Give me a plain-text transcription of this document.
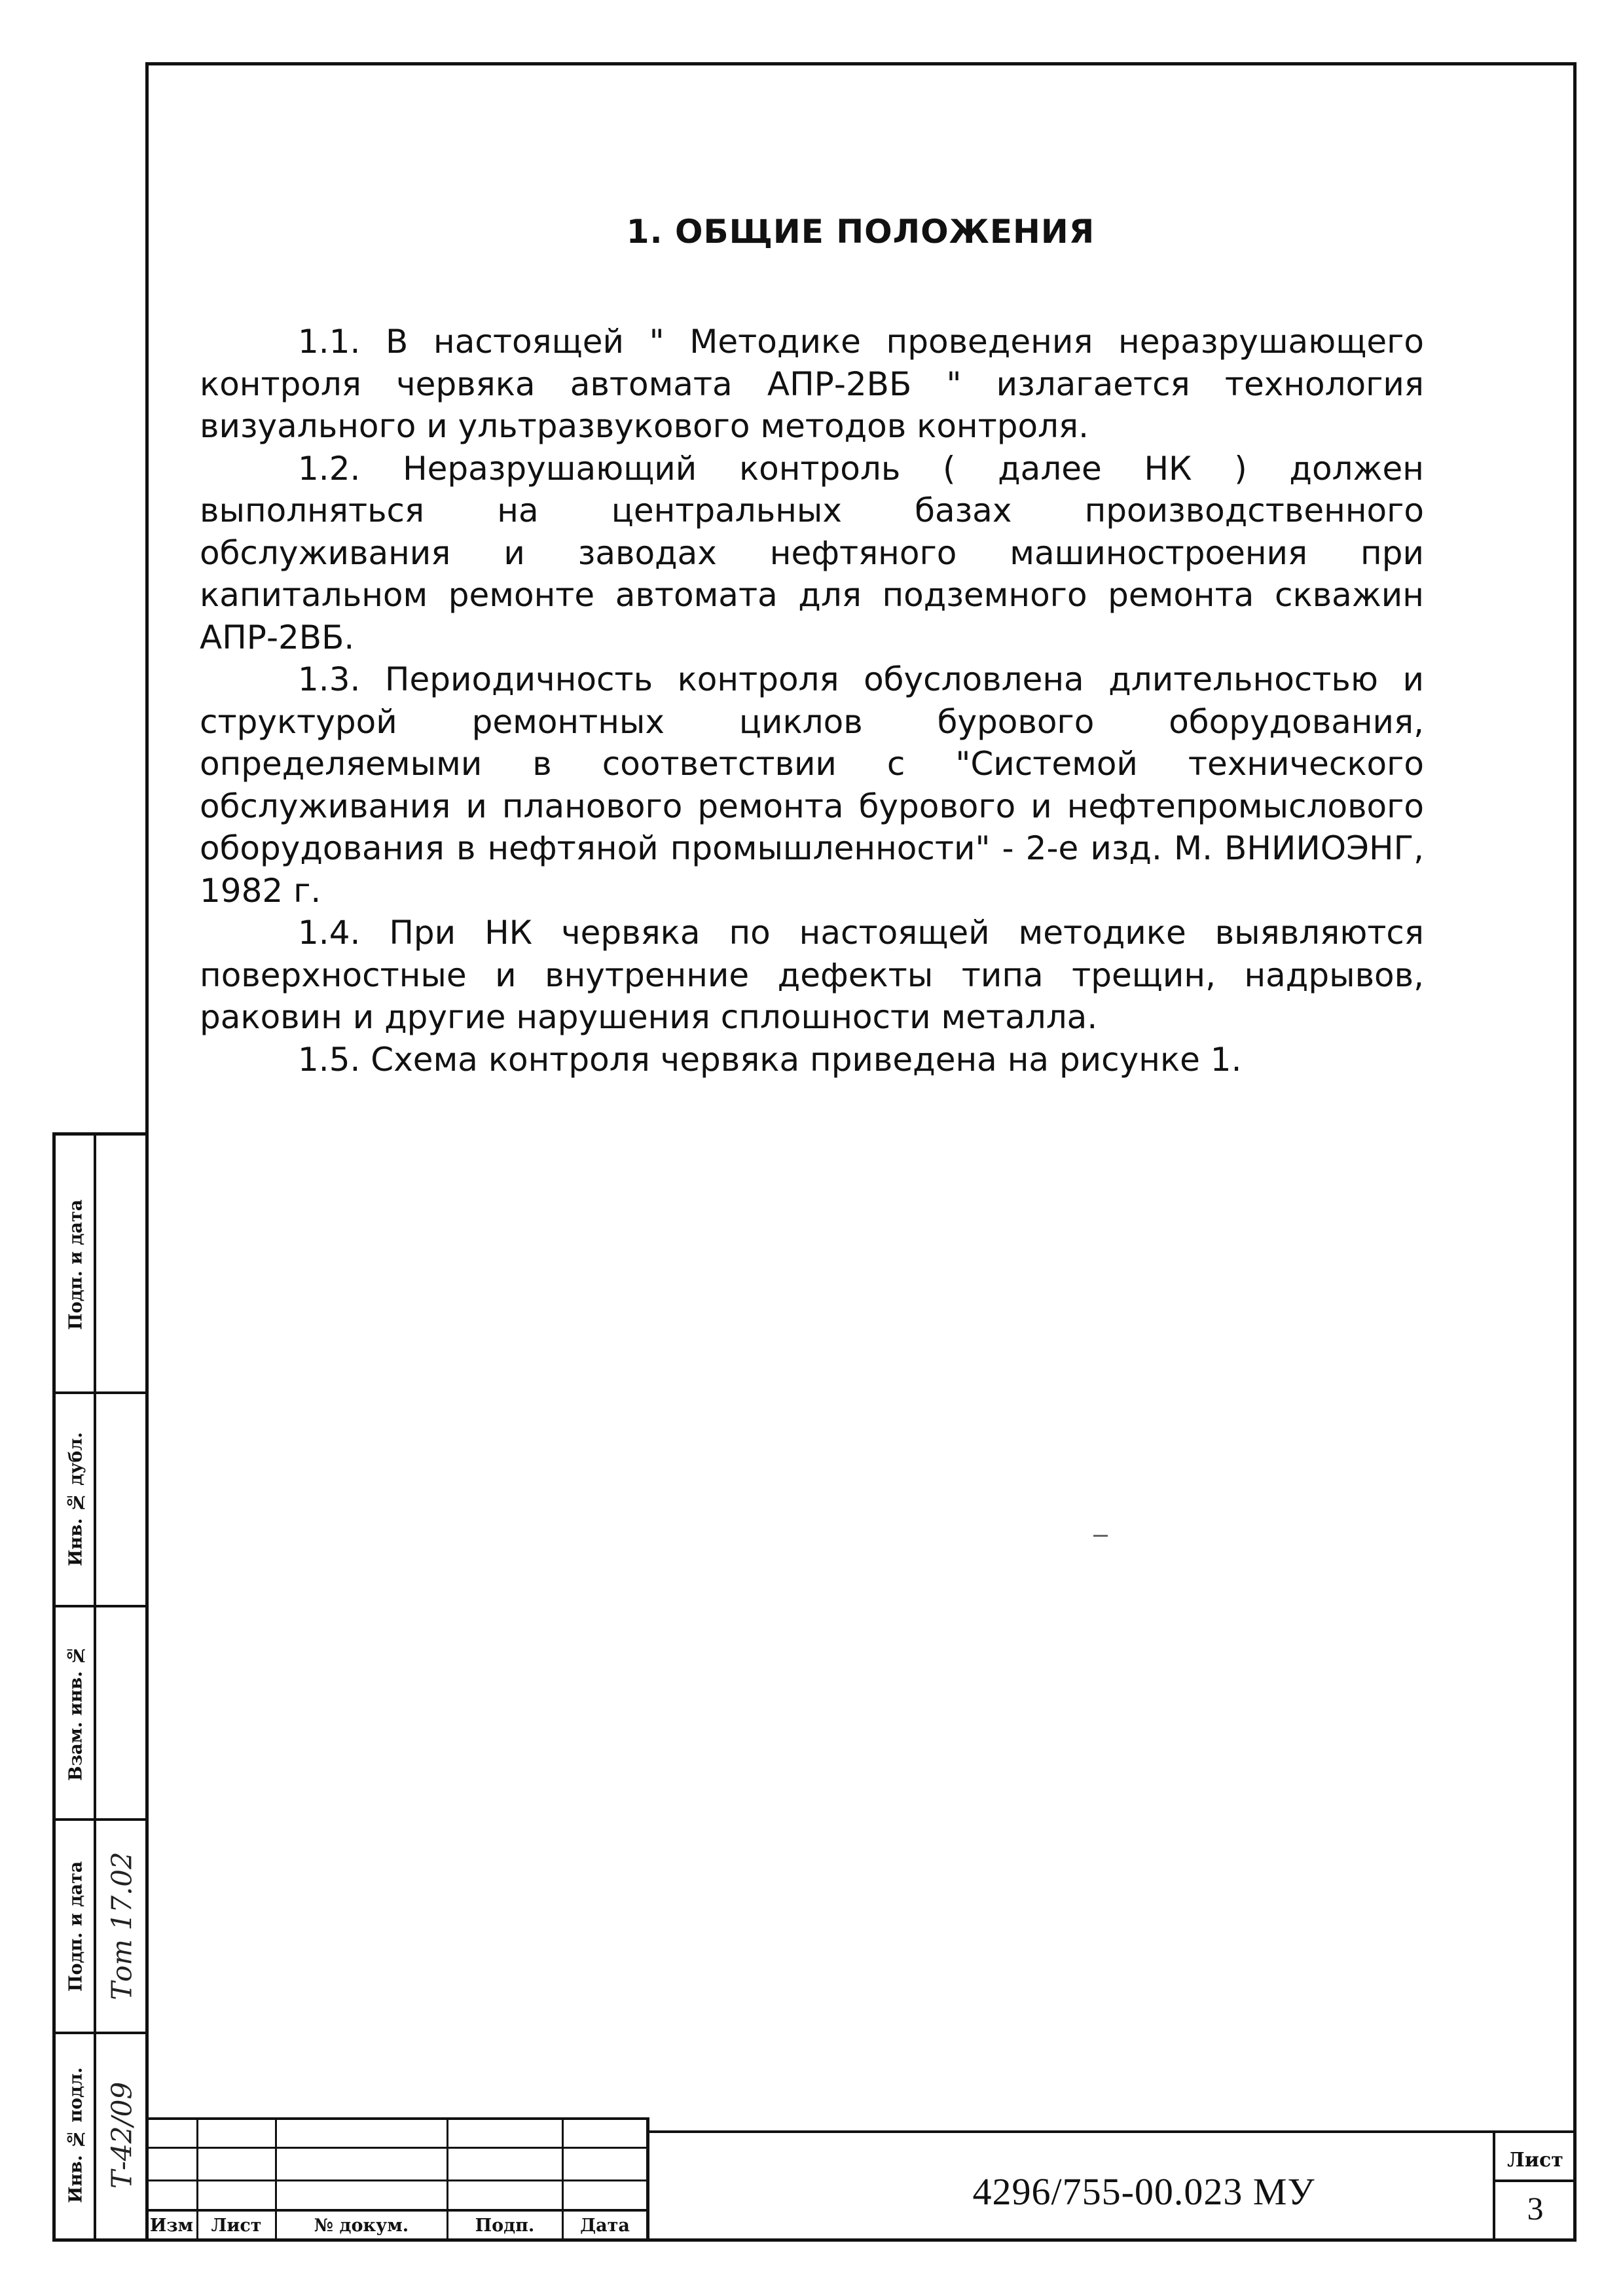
1. ОБЩИЕ ПОЛОЖЕНИЯ

1.1. В настоящей " Методике проведения неразрушающего контроля червяка автомата АПР-2ВБ " излагается технология визуального и ультразвукового методов контроля.

1.2. Неразрушающий контроль ( далее НК ) должен выполняться на центральных базах производственного обслуживания и заводах нефтяного машиностроения при капитальном ремонте автомата для подземного ремонта скважин АПР-2ВБ.

1.3. Периодичность контроля обусловлена длительностью и структурой ремонтных циклов бурового оборудования, определяемыми в соответствии с "Системой технического обслуживания и планового ремонта бурового и нефтепромыслового оборудования в нефтяной промышленности" - 2-е изд. М. ВНИИОЭНГ, 1982 г.

1.4. При НК червяка по настоящей методике выявляются поверхностные и внутренние дефекты типа трещин, надрывов, раковин и другие нарушения сплошности металла.

1.5. Схема контроля червяка приведена на рисунке 1.

Подп. и дата
Инв. № дубл.
Взам. инв. №
Подп. и дата Тот 17.02
Инв. № подл. Т-42/09
Изм	Лист	№ докум.	Подп.	Дата
4296/755-00.023 МУ
Лист
3
